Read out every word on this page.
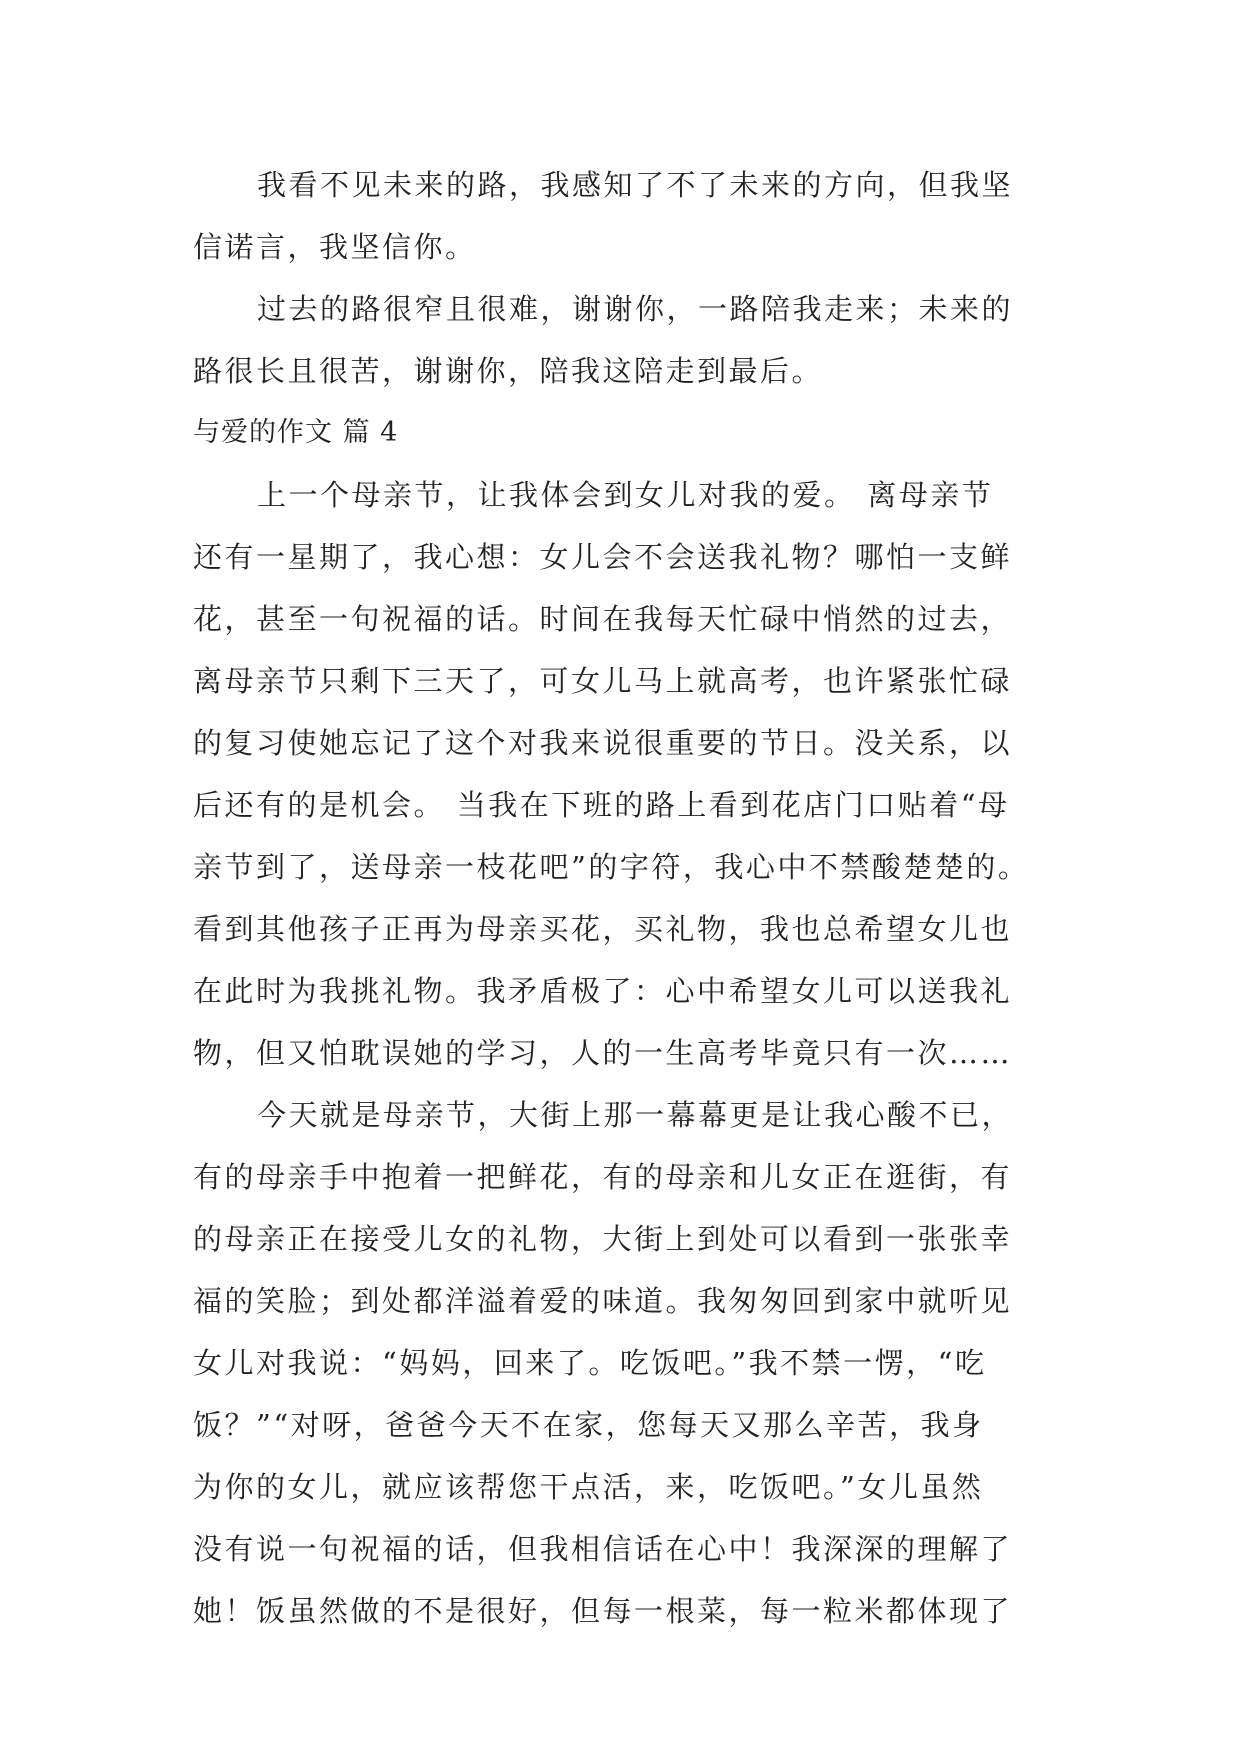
我看不见未来的路，我感知了不了未来的方向，但我坚
信诺言，我坚信你。
过去的路很窄且很难，谢谢你，一路陪我走来；未来的
路很长且很苦，谢谢你，陪我这陪走到最后。
与爱的作文 篇 4
上一个母亲节，让我体会到女儿对我的爱。 离母亲节
还有一星期了，我心想：女儿会不会送我礼物？哪怕一支鲜
花，甚至一句祝福的话。时间在我每天忙碌中悄然的过去，
离母亲节只剩下三天了，可女儿马上就高考，也许紧张忙碌
的复习使她忘记了这个对我来说很重要的节日。没关系，以
后还有的是机会。 当我在下班的路上看到花店门口贴着“母
亲节到了，送母亲一枝花吧”的字符，我心中不禁酸楚楚的。
看到其他孩子正再为母亲买花，买礼物，我也总希望女儿也
在此时为我挑礼物。我矛盾极了：心中希望女儿可以送我礼
物，但又怕耽误她的学习，人的一生高考毕竟只有一次……
今天就是母亲节，大街上那一幕幕更是让我心酸不已，
有的母亲手中抱着一把鲜花，有的母亲和儿女正在逛街，有
的母亲正在接受儿女的礼物，大街上到处可以看到一张张幸
福的笑脸；到处都洋溢着爱的味道。我匆匆回到家中就听见
女儿对我说：“妈妈，回来了。吃饭吧。”我不禁一愣，“吃
饭？”“对呀，爸爸今天不在家，您每天又那么辛苦，我身
为你的女儿，就应该帮您干点活，来，吃饭吧。”女儿虽然
没有说一句祝福的话，但我相信话在心中！我深深的理解了
她！饭虽然做的不是很好，但每一根菜，每一粒米都体现了
